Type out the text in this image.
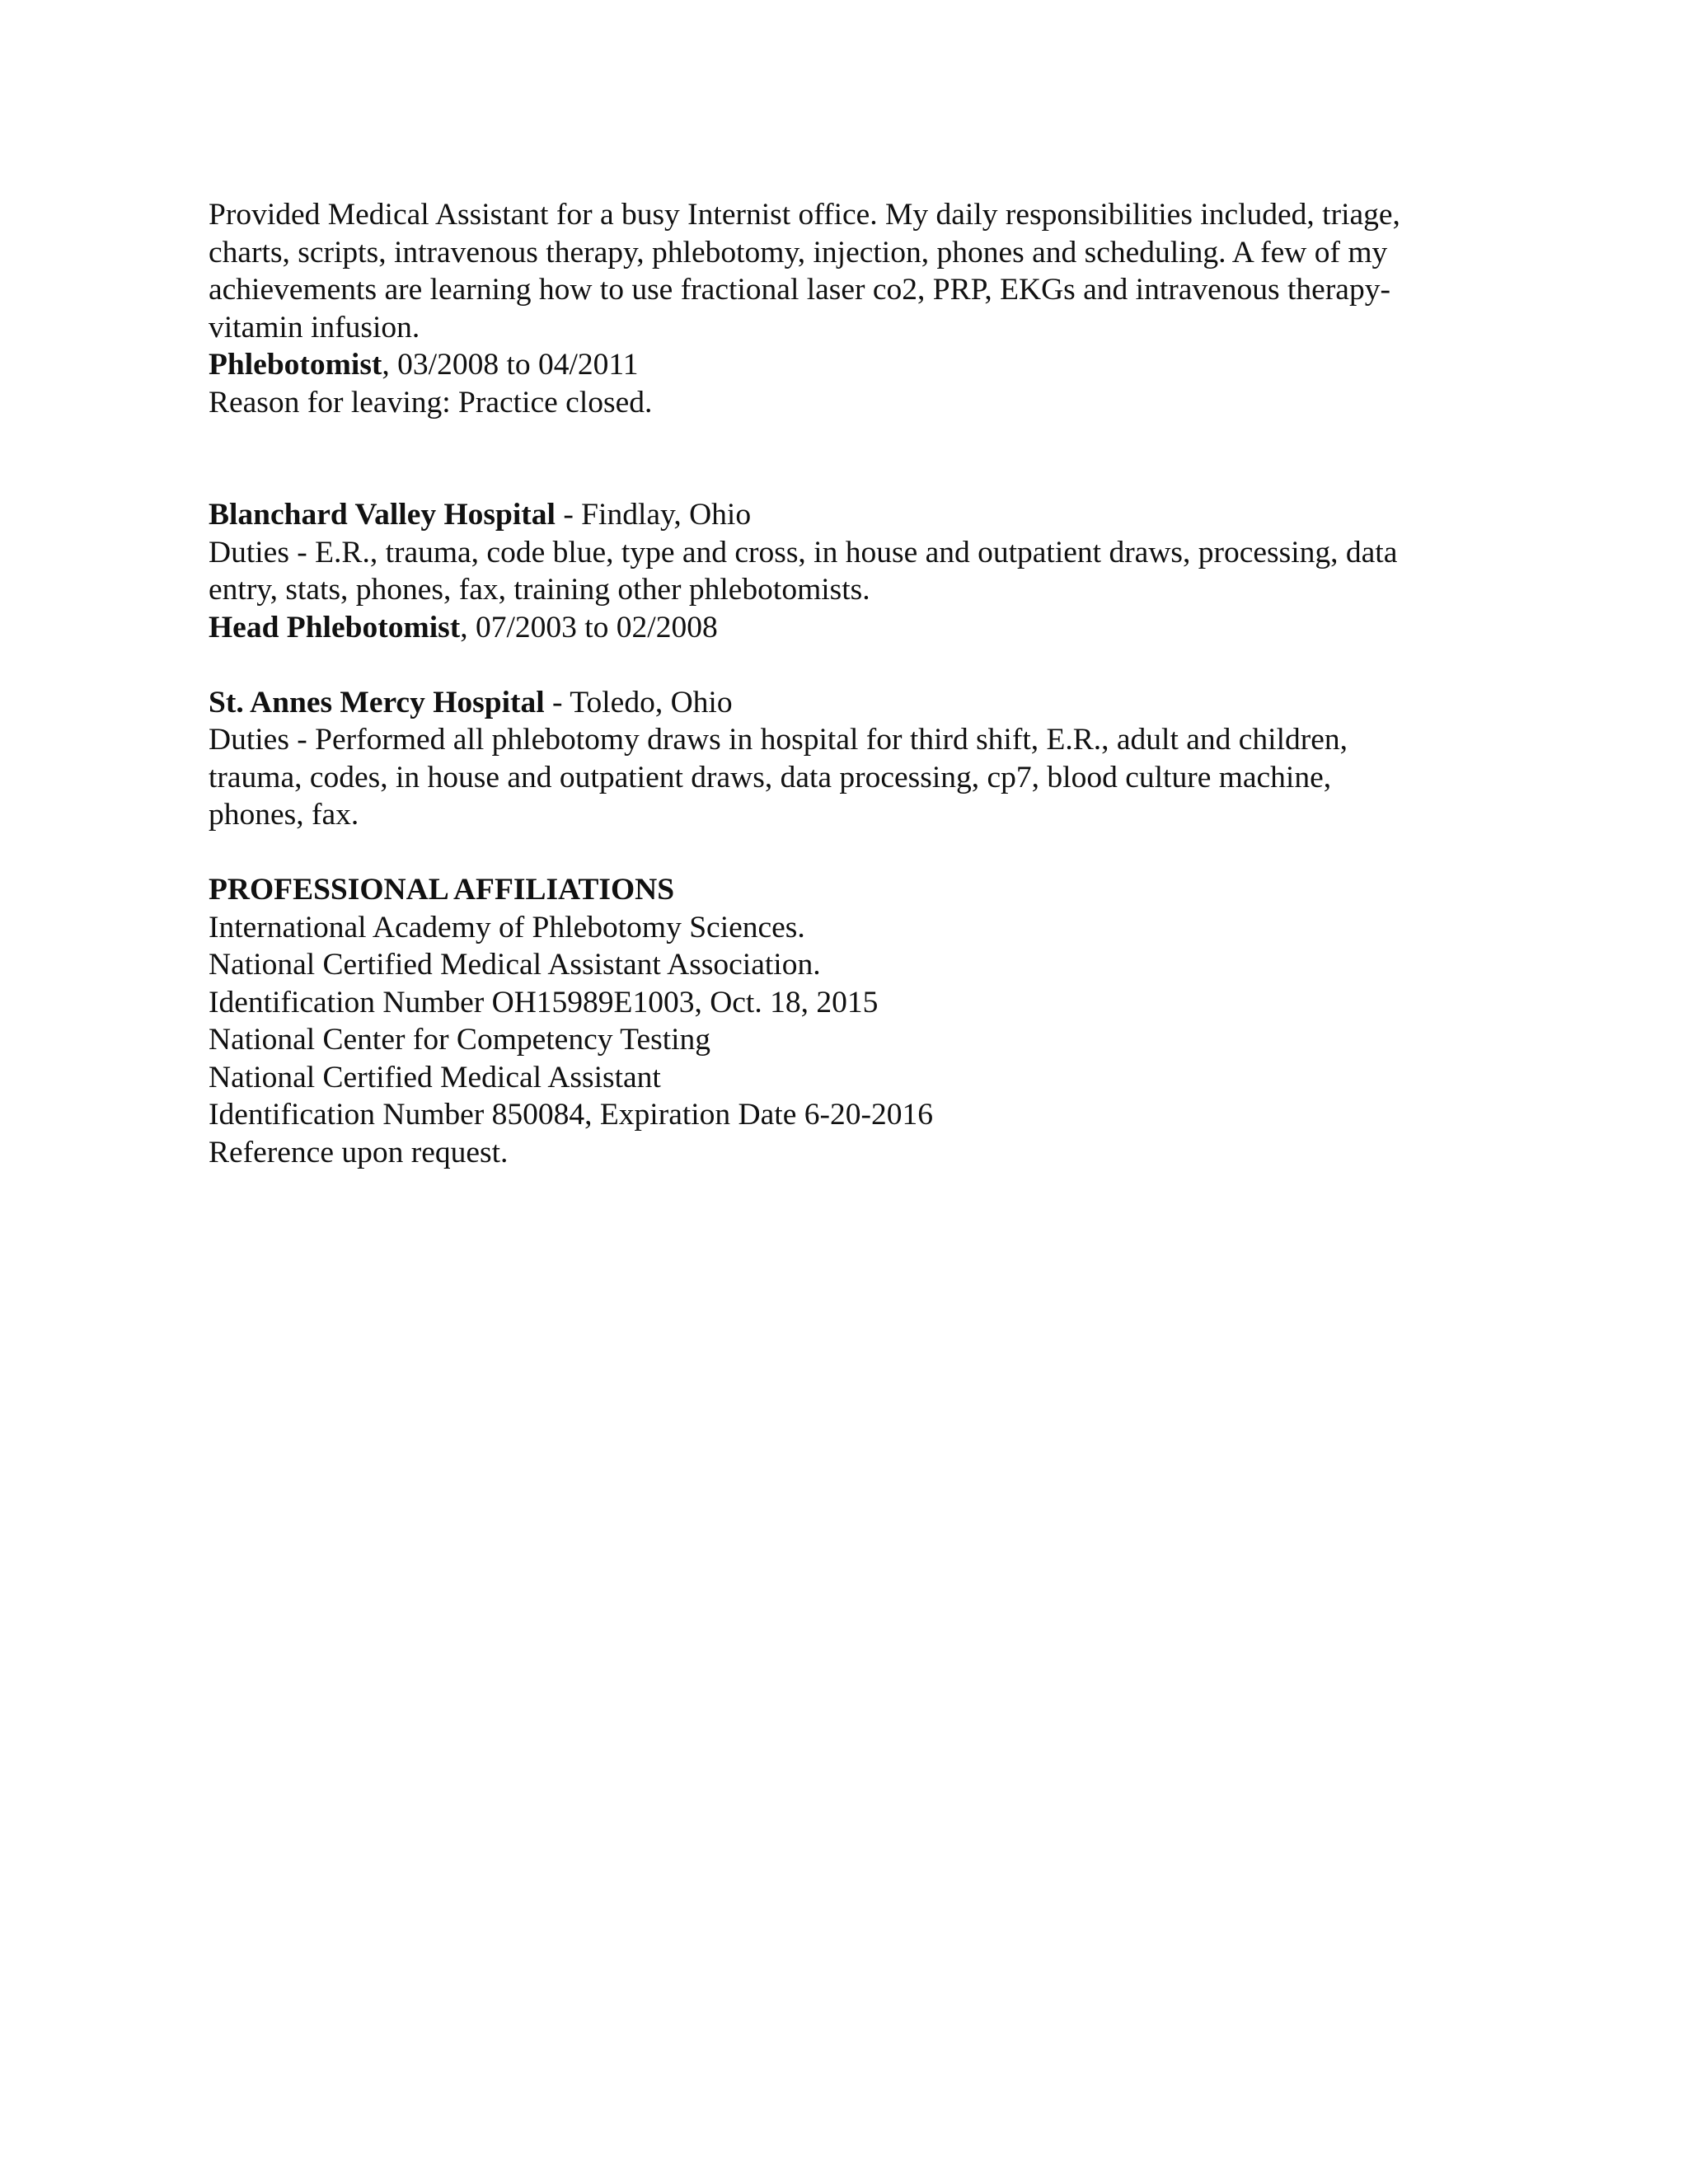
Provided Medical Assistant for a busy Internist office. My daily responsibilities included, triage, charts, scripts, intravenous therapy, phlebotomy, injection, phones and scheduling. A few of my achievements are learning how to use fractional laser co2, PRP, EKGs and intravenous therapy-vitamin infusion.

Phlebotomist, 03/2008 to 04/2011
Reason for leaving: Practice closed.
Blanchard Valley Hospital - Findlay, Ohio

Duties - E.R., trauma, code blue, type and cross, in house and outpatient draws, processing, data entry, stats, phones, fax, training other phlebotomists.

Head Phlebotomist, 07/2003 to 02/2008
St. Annes Mercy Hospital - Toledo, Ohio

Duties - Performed all phlebotomy draws in hospital for third shift, E.R., adult and children, trauma, codes, in house and outpatient draws, data processing, cp7, blood culture machine, phones, fax.

PROFESSIONAL AFFILIATIONS
International Academy of Phlebotomy Sciences.
National Certified Medical Assistant Association.
Identification Number OH15989E1003, Oct. 18, 2015
National Center for Competency Testing
National Certified Medical Assistant
Identification Number 850084, Expiration Date 6-20-2016
Reference upon request.
